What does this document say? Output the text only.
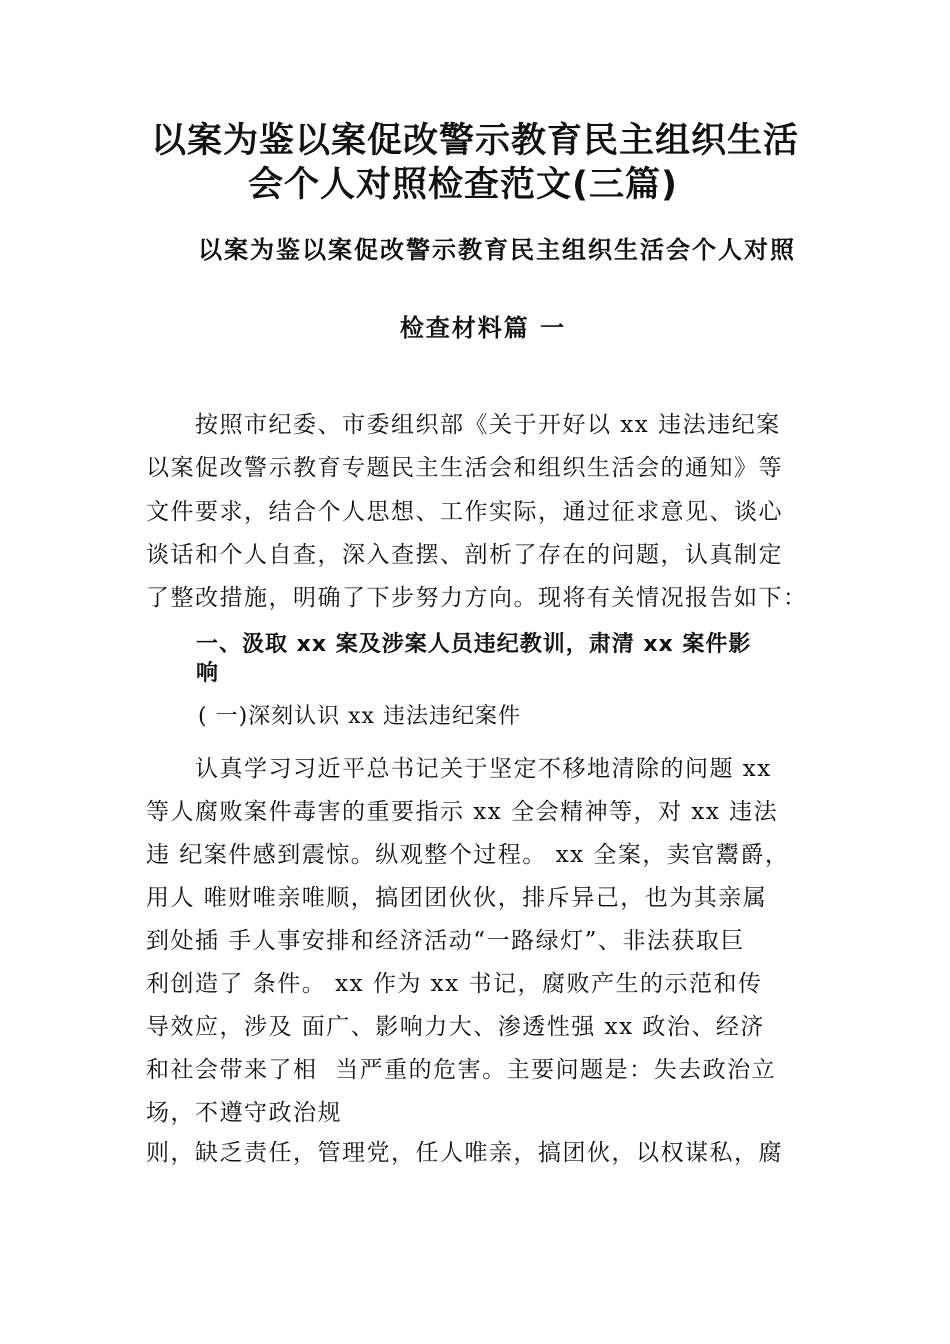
以案为鉴以案促改警示教育民主组织生活
会个人对照检查范文(三篇)
以案为鉴以案促改警示教育民主组织生活会个人对照
检查材料篇 一
　　按照市纪委、市委组织部《关于开好以 xx 违法违纪案
以案促改警示教育专题民主生活会和组织生活会的通知》等
文件要求，结合个人思想、工作实际，通过征求意见、谈心
谈话和个人自查，深入查摆、剖析了存在的问题，认真制定
了整改措施，明确了下步努力方向。现将有关情况报告如下：
一、汲取 xx 案及涉案人员违纪教训，肃清 xx 案件影
响
( 一)深刻认识 xx 违法违纪案件
　　认真学习习近平总书记关于坚定不移地清除的问题 xx
等人腐败案件毒害的重要指示 xx 全会精神等，对 xx 违法
违 纪案件感到震惊。纵观整个过程。 xx 全案，卖官鬻爵，
用人 唯财唯亲唯顺，搞团团伙伙，排斥异己，也为其亲属
到处插 手人事安排和经济活动“一路绿灯”、非法获取巨
利创造了 条件。 xx 作为 xx 书记，腐败产生的示范和传
导效应，涉及 面广、影响力大、渗透性强 xx 政治、经济
和社会带来了相  当严重的危害。主要问题是：失去政治立
场，不遵守政治规
则，缺乏责任，管理党，任人唯亲，搞团伙，以权谋私，腐
